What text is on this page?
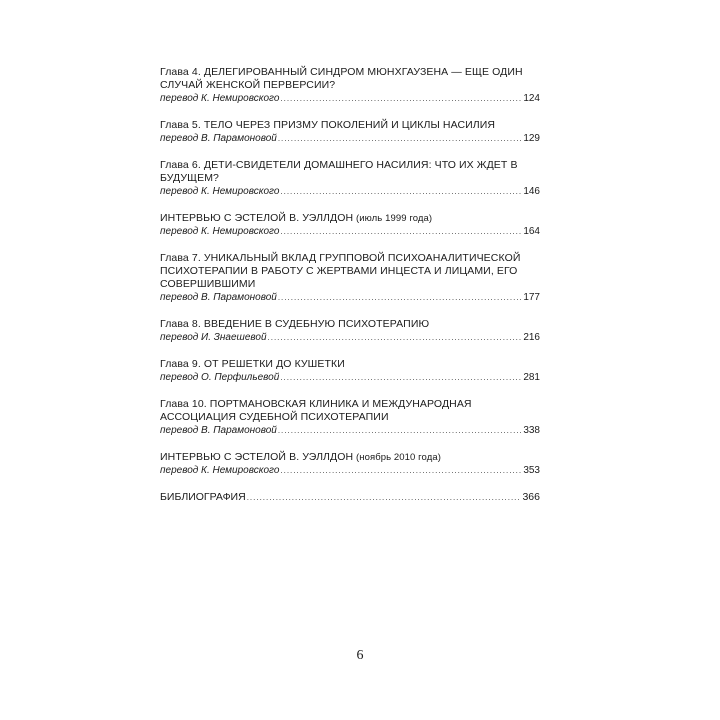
Глава 4. ДЕЛЕГИРОВАННЫЙ СИНДРОМ МЮНХГАУЗЕНА — ЕЩЕ ОДИН СЛУЧАЙ ЖЕНСКОЙ ПЕРВЕРСИИ?
перевод К. Немировского .....	124
Глава 5. ТЕЛО ЧЕРЕЗ ПРИЗМУ ПОКОЛЕНИЙ И ЦИКЛЫ НАСИЛИЯ
перевод В. Парамоновой .....	129
Глава 6. ДЕТИ-СВИДЕТЕЛИ ДОМАШНЕГО НАСИЛИЯ: ЧТО ИХ ЖДЕТ В БУДУЩЕМ?
перевод К. Немировского .....	146
ИНТЕРВЬЮ С ЭСТЕЛОЙ В. УЭЛЛДОН (июль 1999 года)
перевод К. Немировского .....	164
Глава 7. УНИКАЛЬНЫЙ ВКЛАД ГРУППОВОЙ ПСИХОАНАЛИТИЧЕСКОЙ ПСИХОТЕРАПИИ В РАБОТУ С ЖЕРТВАМИ ИНЦЕСТА И ЛИЦАМИ, ЕГО СОВЕРШИВШИМИ
перевод В. Парамоновой .....	177
Глава 8. ВВЕДЕНИЕ В СУДЕБНУЮ ПСИХОТЕРАПИЮ
перевод И. Знаешевой .....	216
Глава 9. ОТ РЕШЕТКИ ДО КУШЕТКИ
перевод О. Перфильевой .....	281
Глава 10. ПОРТМАНОВСКАЯ КЛИНИКА И МЕЖДУНАРОДНАЯ АССОЦИАЦИЯ СУДЕБНОЙ ПСИХОТЕРАПИИ
перевод В. Парамоновой .....	338
ИНТЕРВЬЮ С ЭСТЕЛОЙ В. УЭЛЛДОН (ноябрь 2010 года)
перевод К. Немировского .....	353
БИБЛИОГРАФИЯ .....	366
6
